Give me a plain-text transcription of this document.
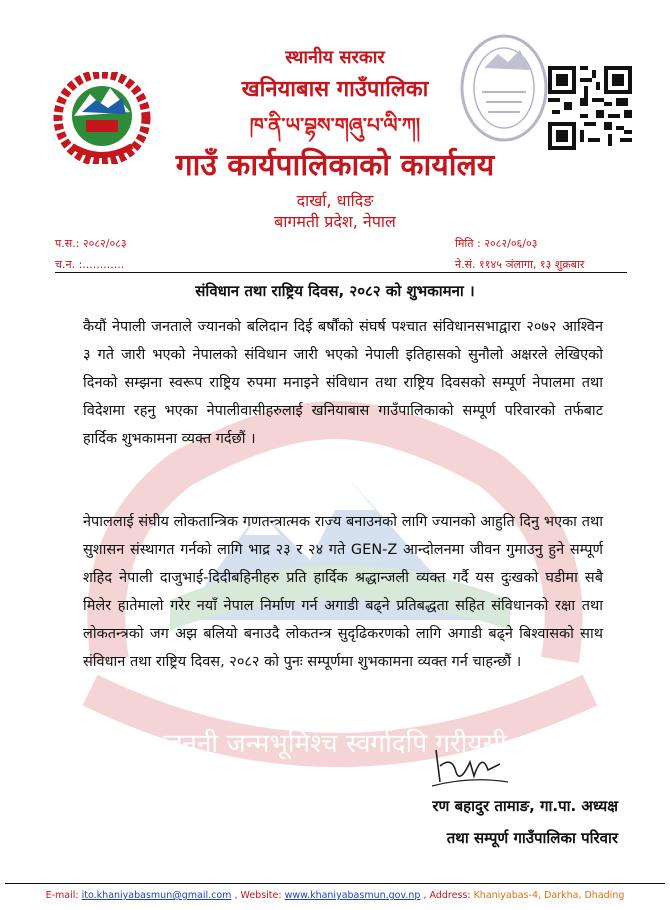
जननी जन्मभूमिश्च स्वर्गादपि गरीयसी
स्थानीय सरकार
खनियाबास गाउँपालिका
ཁ་ནི་ཡ་བྷས་གཞུ་པ་ལི་ཀ།
गाउँ कार्यपालिकाको कार्यालय
दार्खा, धादिङ
बागमती प्रदेश, नेपाल
प.स.: २०८२/०८३
च.न. :............
मिति : २०८२/०६/०३
ने.सं. ११४५ ञंलागा, १३ शुक्रबार
संविधान तथा राष्ट्रिय दिवस, २०८२ को शुभकामना ।
कैयौं नेपाली जनताले ज्यानको बलिदान दिई बर्षौंको संघर्ष पश्चात संविधानसभाद्वारा २०७२ आश्विन ३ गते जारी भएको नेपालको संविधान जारी भएको नेपाली इतिहासको सुनौलो अक्षरले लेखिएको दिनको सम्झना स्वरूप राष्ट्रिय रुपमा मनाइने संविधान तथा राष्ट्रिय दिवसको सम्पूर्ण नेपालमा तथा विदेशमा रहनु भएका नेपालीवासीहरुलाई खनियाबास गाउँपालिकाको सम्पूर्ण परिवारको तर्फबाट हार्दिक शुभकामना व्यक्त गर्दछौं ।
नेपाललाई संघीय लोकतान्त्रिक गणतन्त्रात्मक राज्य बनाउनको लागि ज्यानको आहुति दिनु भएका तथा सुशासन संस्थागत गर्नको लागि भाद्र २३ र २४ गते GEN-Z आन्दोलनमा जीवन गुमाउनु हुने सम्पूर्ण शहिद नेपाली दाजुभाई-दिदीबहिनीहरु प्रति हार्दिक श्रद्धान्जली व्यक्त गर्दै यस दुःखको घडीमा सबै मिलेर हातेमालो गरेर नयाँ नेपाल निर्माण गर्न अगाडी बढ्ने प्रतिबद्धता सहित संविधानको रक्षा तथा लोकतन्त्रको जग अझ बलियो बनाउदै लोकतन्त्र सुदृढिकरणको लागि अगाडी बढ्ने बिश्वासको साथ संविधान तथा राष्ट्रिय दिवस, २०८२ को पुनः सम्पूर्णमा शुभकामना व्यक्त गर्न चाहन्छौं ।
रण बहादुर तामाङ, गा.पा. अध्यक्ष
तथा सम्पूर्ण गाउँपालिका परिवार
E-mail: ito.khaniyabasmun@gmail.com , Website: www.khaniyabasmun.gov.np , Address: Khaniyabas-4, Darkha, Dhading
